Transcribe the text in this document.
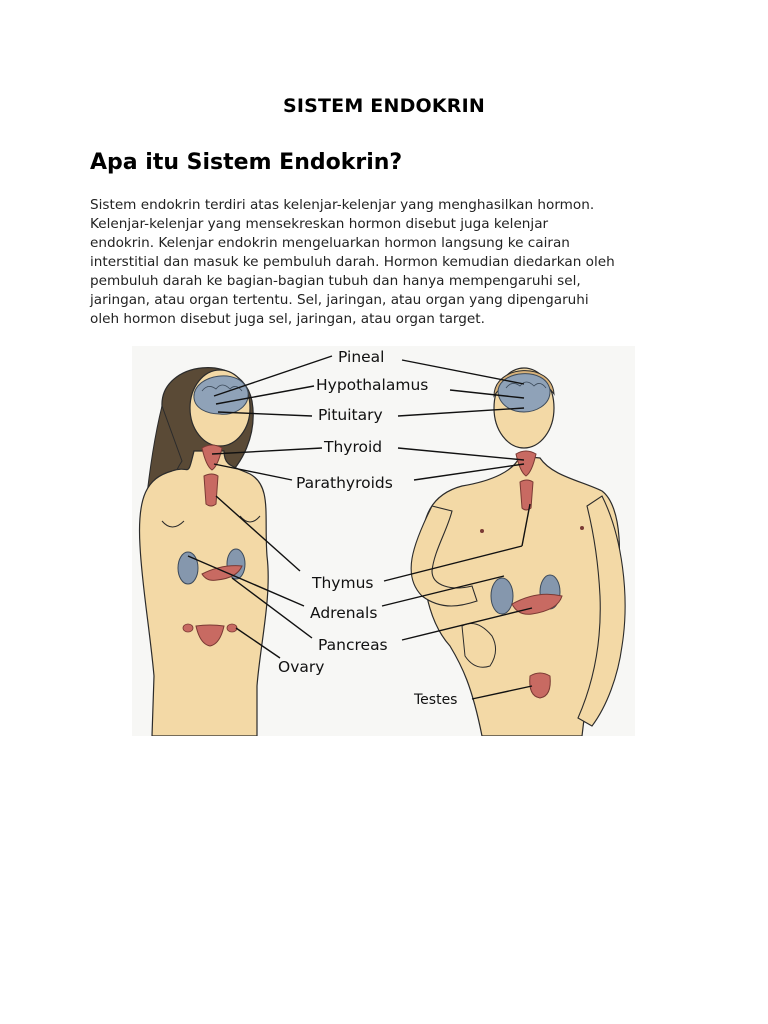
SISTEM ENDOKRIN
Apa itu Sistem Endokrin?
Sistem endokrin terdiri atas kelenjar-kelenjar yang menghasilkan hormon.
Kelenjar-kelenjar yang mensekreskan hormon disebut juga kelenjar
endokrin. Kelenjar endokrin mengeluarkan hormon langsung ke cairan
interstitial dan masuk ke pembuluh darah. Hormon kemudian diedarkan oleh
pembuluh darah ke bagian-bagian tubuh dan hanya mempengaruhi sel,
jaringan, atau organ tertentu. Sel, jaringan, atau organ yang dipengaruhi
oleh hormon disebut juga sel, jaringan, atau organ target.
Pineal
Hypothalamus
Pituitary
Thyroid
Parathyroids
Thymus
Adrenals
Pancreas
Ovary
Testes
